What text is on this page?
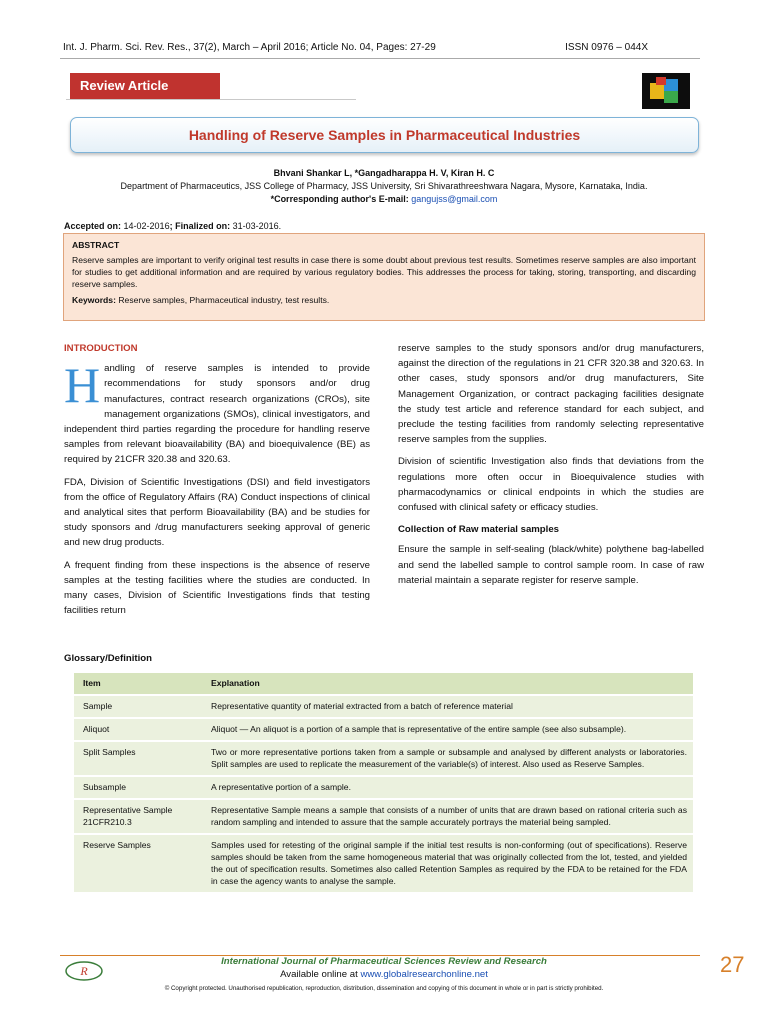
Int. J. Pharm. Sci. Rev. Res., 37(2), March – April 2016; Article No. 04, Pages: 27-29	ISSN 0976 – 044X
Review Article
Handling of Reserve Samples in Pharmaceutical Industries
Bhvani Shankar L, *Gangadharappa H. V, Kiran H. C
Department of Pharmaceutics, JSS College of Pharmacy, JSS University, Sri Shivarathreeshwara Nagara, Mysore, Karnataka, India.
*Corresponding author's E-mail: gangujss@gmail.com
Accepted on: 14-02-2016; Finalized on: 31-03-2016.
ABSTRACT
Reserve samples are important to verify original test results in case there is some doubt about previous test results. Sometimes reserve samples are also important for studies to get additional information and are required by various regulatory bodies. This addresses the process for taking, storing, transporting, and discarding reserve samples.
Keywords: Reserve samples, Pharmaceutical industry, test results.
INTRODUCTION

Handling of reserve samples is intended to provide recommendations for study sponsors and/or drug manufactures, contract research organizations (CROs), site management organizations (SMOs), clinical investigators, and independent third parties regarding the procedure for handling reserve samples from relevant bioavailability (BA) and bioequivalence (BE) as required by 21CFR 320.38 and 320.63.

FDA, Division of Scientific Investigations (DSI) and field investigators from the office of Regulatory Affairs (RA) Conduct inspections of clinical and analytical sites that perform Bioavailability (BA) and be studies for study sponsors and /drug manufacturers seeking approval of generic and new drug products.

A frequent finding from these inspections is the absence of reserve samples at the testing facilities where the studies are conducted. In many cases, Division of Scientific Investigations finds that testing facilities return

reserve samples to the study sponsors and/or drug manufacturers, against the direction of the regulations in 21 CFR 320.38 and 320.63. In other cases, study sponsors and/or drug manufacturers, Site Management Organization, or contract packaging facilities designate the study test article and reference standard for each subject, and preclude the testing facilities from randomly selecting representative reserve samples from the supplies.

Division of scientific Investigation also finds that deviations from the regulations more often occur in Bioequivalence studies with pharmacodynamics or clinical endpoints in which the studies are confused with clinical safety or efficacy studies.

Collection of Raw material samples

Ensure the sample in self-sealing (black/white) polythene bag-labelled and send the labelled sample to control sample room. In case of raw material maintain a separate register for reserve sample.

Glossary/Definition
Item	Explanation
Sample	Representative quantity of material extracted from a batch of reference material
Aliquot	Aliquot — An aliquot is a portion of a sample that is representative of the entire sample (see also subsample).
Split Samples	Two or more representative portions taken from a sample or subsample and analysed by different analysts or laboratories. Split samples are used to replicate the measurement of the variable(s) of interest. Also used as Reserve Samples.
Subsample	A representative portion of a sample.
Representative Sample 21CFR210.3	Representative Sample means a sample that consists of a number of units that are drawn based on rational criteria such as random sampling and intended to assure that the sample accurately portrays the material being sampled.
Reserve Samples	Samples used for retesting of the original sample if the initial test results is non-conforming (out of specifications). Reserve samples should be taken from the same homogeneous material that was originally collected from the lot, tested, and yielded the out of specification results. Sometimes also called Retention Samples as required by the FDA to be retained for the FDA in case the agency wants to analyse the sample.
R
International Journal of Pharmaceutical Sciences Review and Research
Available online at www.globalresearchonline.net
© Copyright protected. Unauthorised republication, reproduction, distribution, dissemination and copying of this document in whole or in part is strictly prohibited.
27
